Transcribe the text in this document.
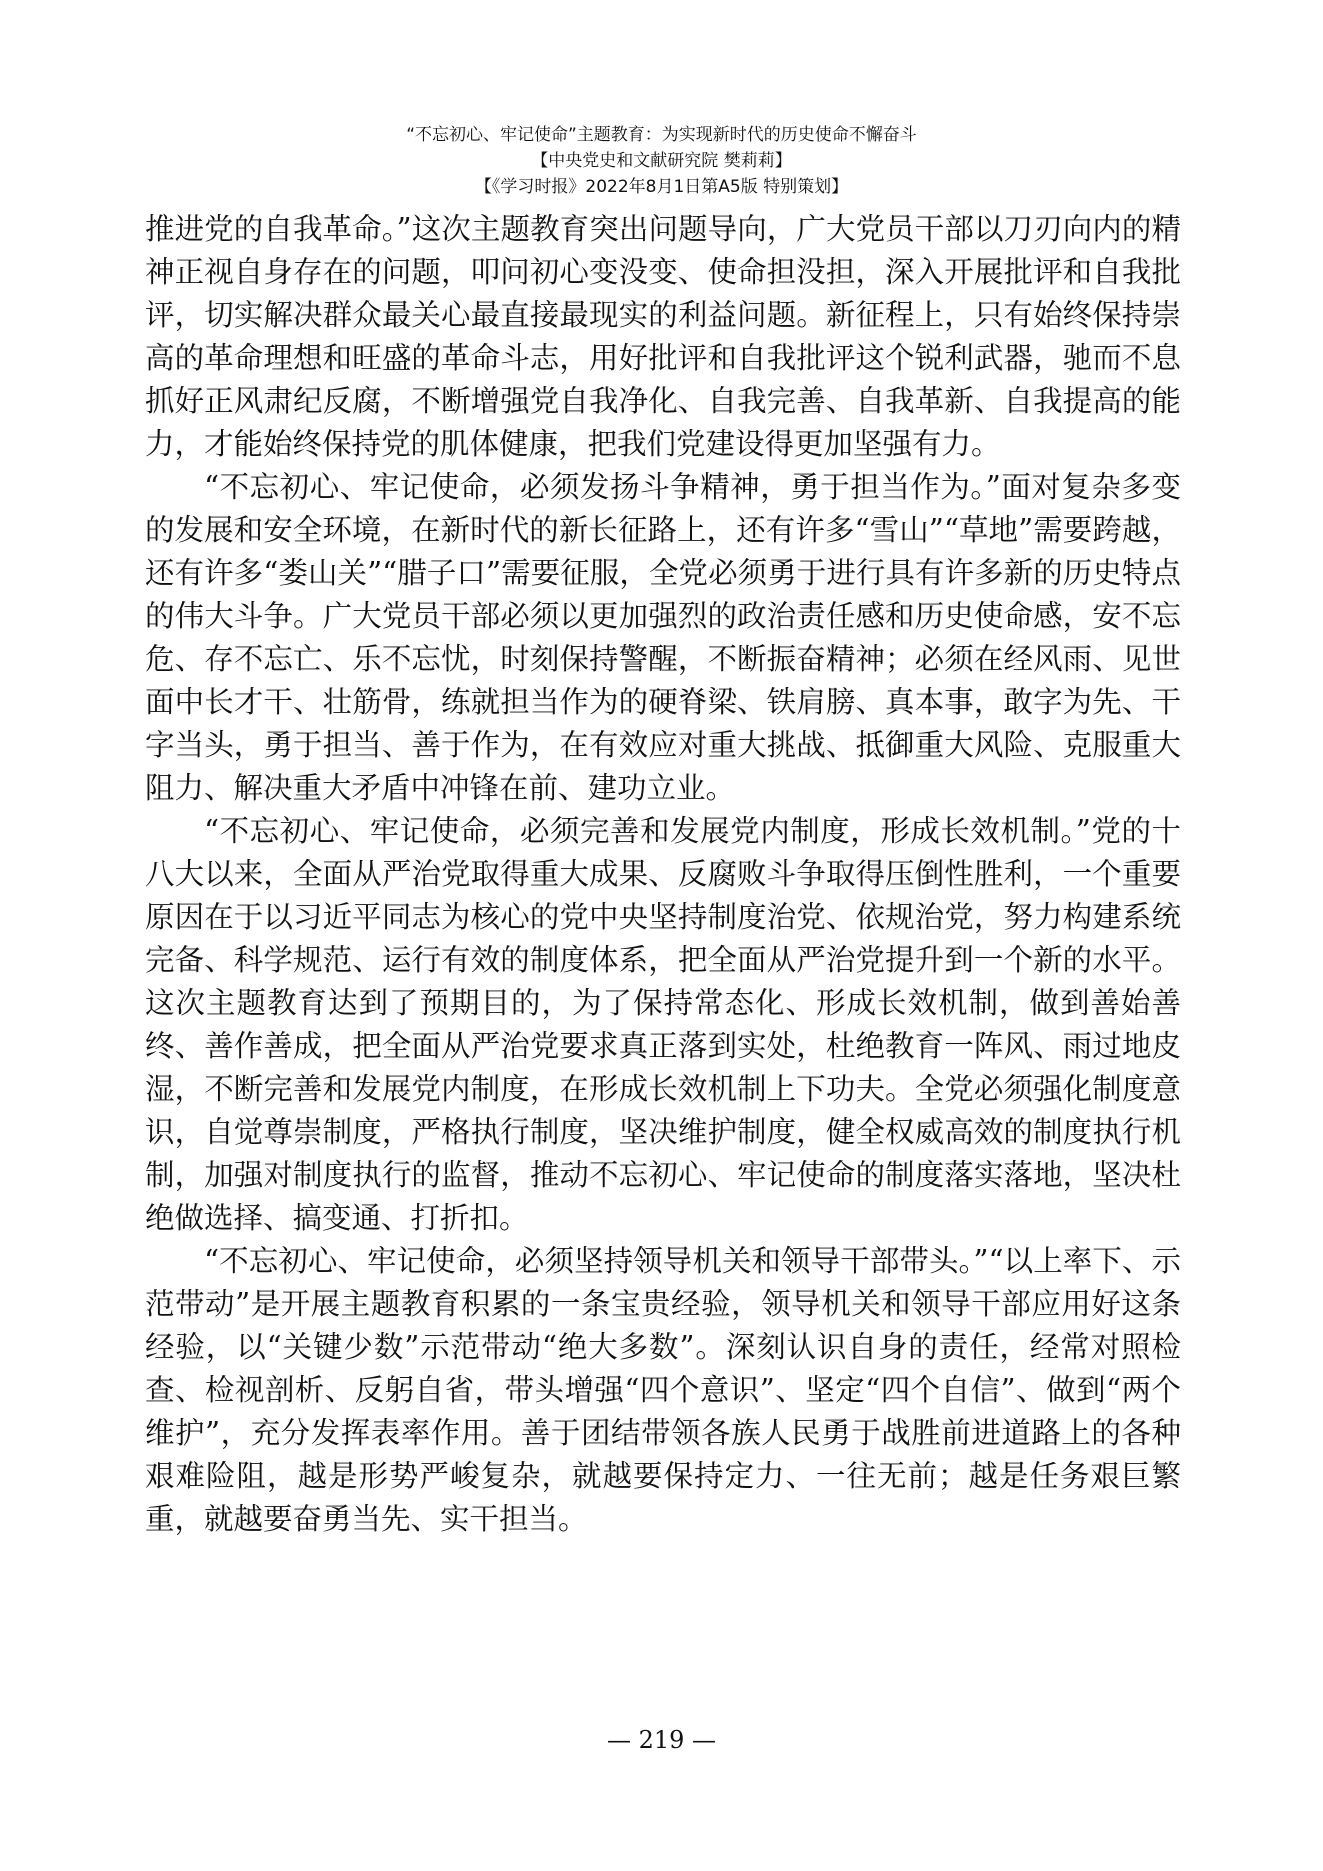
“不忘初心、牢记使命”主题教育：为实现新时代的历史使命不懈奋斗
【中央党史和文献研究院 樊莉莉】
【《学习时报》2022年8月1日第A5版 特别策划】

推进党的自我革命。”这次主题教育突出问题导向，广大党员干部以刀刃向内的精神正视自身存在的问题，叩问初心变没变、使命担没担，深入开展批评和自我批评，切实解决群众最关心最直接最现实的利益问题。新征程上，只有始终保持崇高的革命理想和旺盛的革命斗志，用好批评和自我批评这个锐利武器，驰而不息抓好正风肃纪反腐，不断增强党自我净化、自我完善、自我革新、自我提高的能力，才能始终保持党的肌体健康，把我们党建设得更加坚强有力。

“不忘初心、牢记使命，必须发扬斗争精神，勇于担当作为。”面对复杂多变的发展和安全环境，在新时代的新长征路上，还有许多“雪山”“草地”需要跨越，还有许多“娄山关”“腊子口”需要征服，全党必须勇于进行具有许多新的历史特点的伟大斗争。广大党员干部必须以更加强烈的政治责任感和历史使命感，安不忘危、存不忘亡、乐不忘忧，时刻保持警醒，不断振奋精神；必须在经风雨、见世面中长才干、壮筋骨，练就担当作为的硬脊梁、铁肩膀、真本事，敢字为先、干字当头，勇于担当、善于作为，在有效应对重大挑战、抵御重大风险、克服重大阻力、解决重大矛盾中冲锋在前、建功立业。

“不忘初心、牢记使命，必须完善和发展党内制度，形成长效机制。”党的十八大以来，全面从严治党取得重大成果、反腐败斗争取得压倒性胜利，一个重要原因在于以习近平同志为核心的党中央坚持制度治党、依规治党，努力构建系统完备、科学规范、运行有效的制度体系，把全面从严治党提升到一个新的水平。这次主题教育达到了预期目的，为了保持常态化、形成长效机制，做到善始善终、善作善成，把全面从严治党要求真正落到实处，杜绝教育一阵风、雨过地皮湿，不断完善和发展党内制度，在形成长效机制上下功夫。全党必须强化制度意识，自觉尊崇制度，严格执行制度，坚决维护制度，健全权威高效的制度执行机制，加强对制度执行的监督，推动不忘初心、牢记使命的制度落实落地，坚决杜绝做选择、搞变通、打折扣。

“不忘初心、牢记使命，必须坚持领导机关和领导干部带头。”“以上率下、示范带动”是开展主题教育积累的一条宝贵经验，领导机关和领导干部应用好这条经验，以“关键少数”示范带动“绝大多数”。深刻认识自身的责任，经常对照检查、检视剖析、反躬自省，带头增强“四个意识”、坚定“四个自信”、做到“两个维护”，充分发挥表率作用。善于团结带领各族人民勇于战胜前进道路上的各种艰难险阻，越是形势严峻复杂，就越要保持定力、一往无前；越是任务艰巨繁重，就越要奋勇当先、实干担当。

— 219 —
